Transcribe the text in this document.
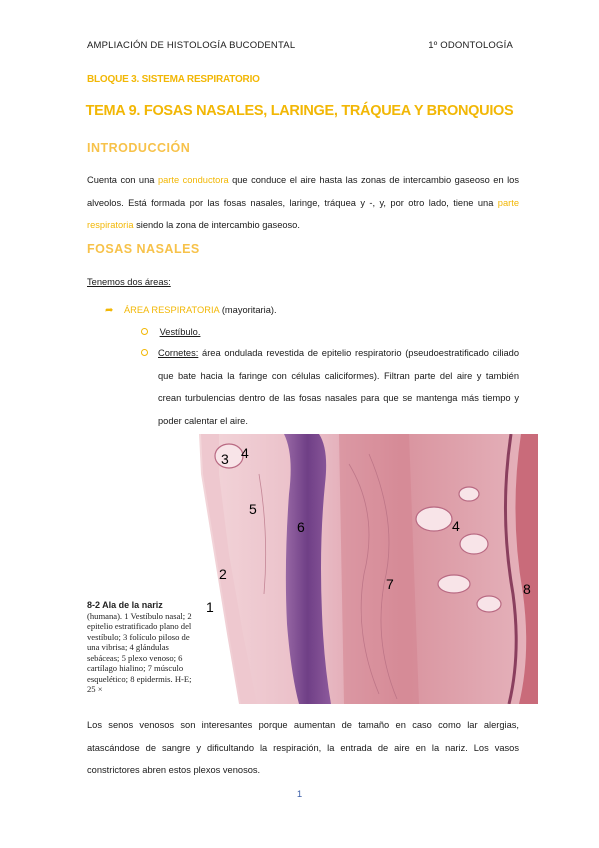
AMPLIACIÓN DE HISTOLOGÍA BUCODENTAL	1º ODONTOLOGÍA
BLOQUE 3. SISTEMA RESPIRATORIO
TEMA 9. FOSAS NASALES, LARINGE, TRÁQUEA Y BRONQUIOS
INTRODUCCIÓN
Cuenta con una parte conductora que conduce el aire hasta las zonas de intercambio gaseoso en los alveolos. Está formada por las fosas nasales, laringe, tráquea y -, y, por otro lado, tiene una parte respiratoria siendo la zona de intercambio gaseoso.
FOSAS NASALES
Tenemos dos áreas:
➦ ÁREA RESPIRATORIA (mayoritaria).
Vestíbulo.
Cornetes: área ondulada revestida de epitelio respiratorio (pseudoestratificado ciliado que bate hacia la faringe con células caliciformes). Filtran parte del aire y también crean turbulencias dentro de las fosas nasales para que se mantenga más tiempo y poder calentar el aire.
3 4
5
6
2
1
7
4
8
8-2 Ala de la nariz
(humana). 1 Vestíbulo nasal; 2 epitelio estratificado plano del vestíbulo; 3 folículo piloso de una vibrisa; 4 glándulas sebáceas; 5 plexo venoso; 6 cartílago hialino; 7 músculo esquelético; 8 epidermis. H-E; 25 ×
Los senos venosos son interesantes porque aumentan de tamaño en caso como lar alergias, atascándose de sangre y dificultando la respiración, la entrada de aire en la nariz. Los vasos constrictores abren estos plexos venosos.
1
